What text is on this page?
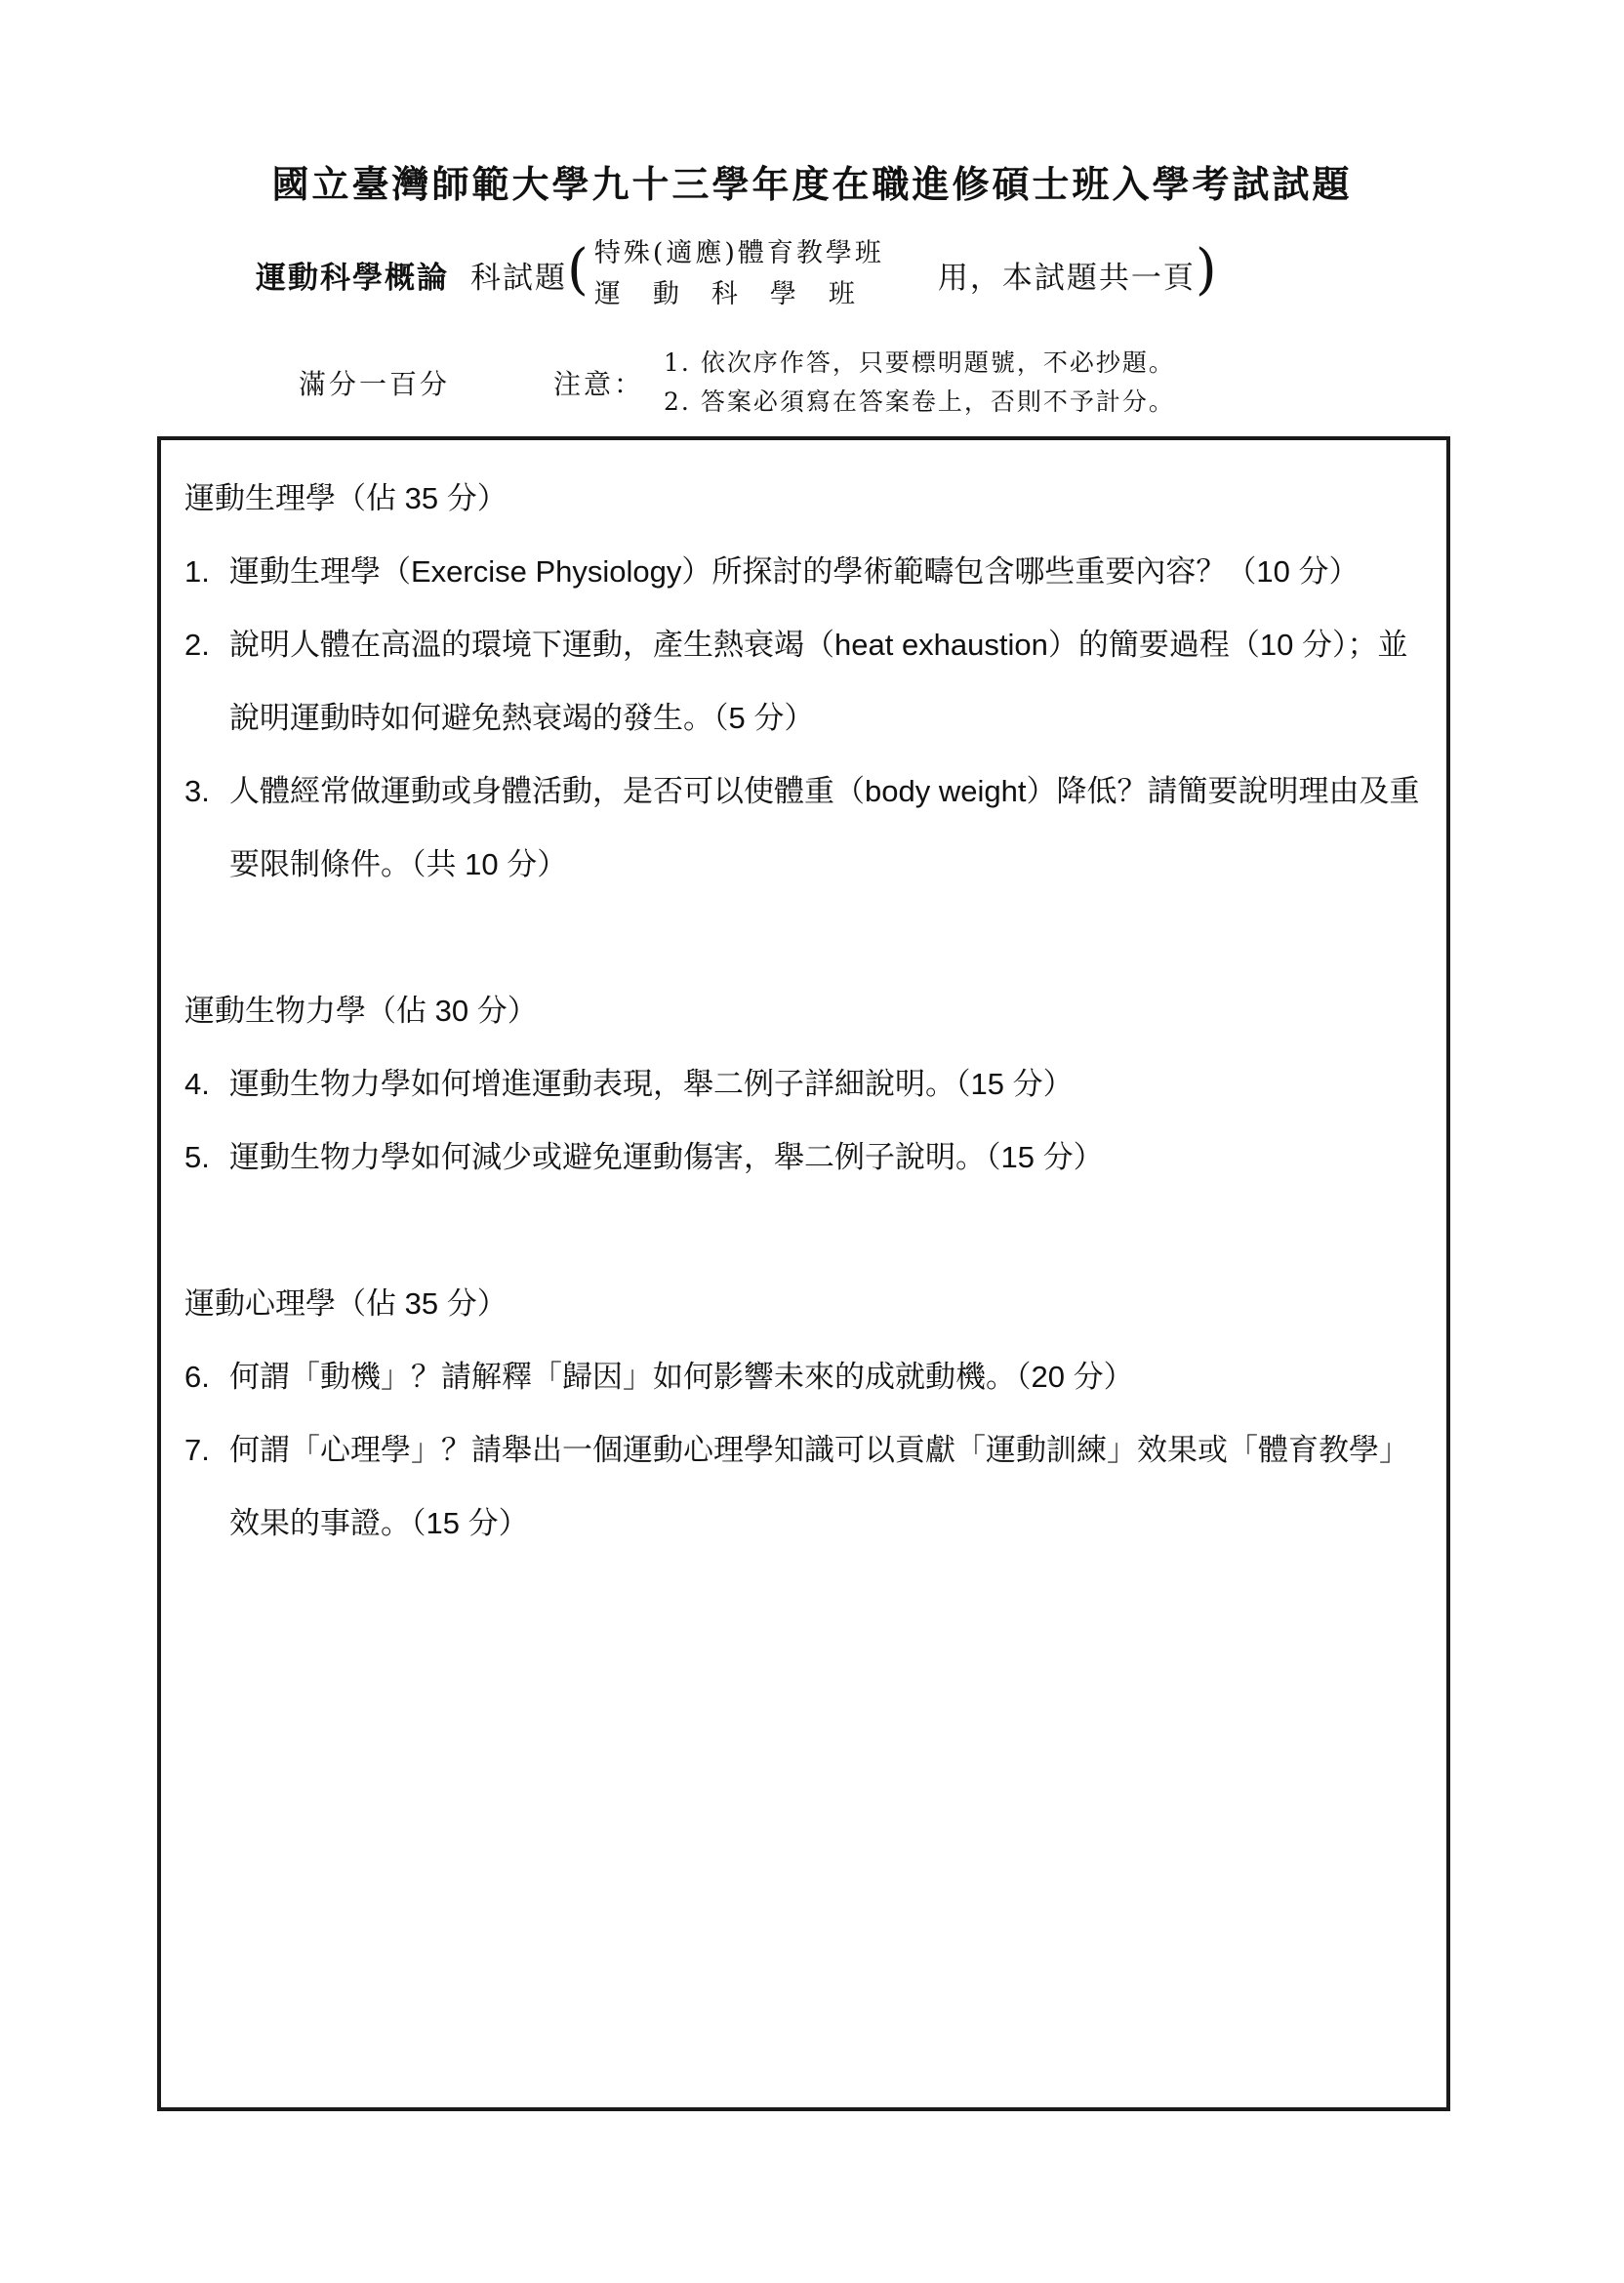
國立臺灣師範大學九十三學年度在職進修碩士班入學考試試題
運動科學概論 科試題 ( 特殊(適應)體育教學班
運動科學班 用，本試題共一頁 )
滿分一百分	注意：
1. 依次序作答，只要標明題號，不必抄題。
2. 答案必須寫在答案卷上，否則不予計分。
運動生理學（佔 35 分）
1. 運動生理學（Exercise Physiology）所探討的學術範疇包含哪些重要內容？（10 分）
2. 說明人體在高溫的環境下運動，產生熱衰竭（heat exhaustion）的簡要過程（10 分）；並說明運動時如何避免熱衰竭的發生。（5 分）
3. 人體經常做運動或身體活動，是否可以使體重（body weight）降低？請簡要說明理由及重要限制條件。（共 10 分）
運動生物力學（佔 30 分）
4. 運動生物力學如何增進運動表現，舉二例子詳細說明。（15 分）
5. 運動生物力學如何減少或避免運動傷害，舉二例子說明。（15 分）
運動心理學（佔 35 分）
6. 何謂「動機」？請解釋「歸因」如何影響未來的成就動機。（20 分）
7. 何謂「心理學」？請舉出一個運動心理學知識可以貢獻「運動訓練」效果或「體育教學」效果的事證。（15 分）
